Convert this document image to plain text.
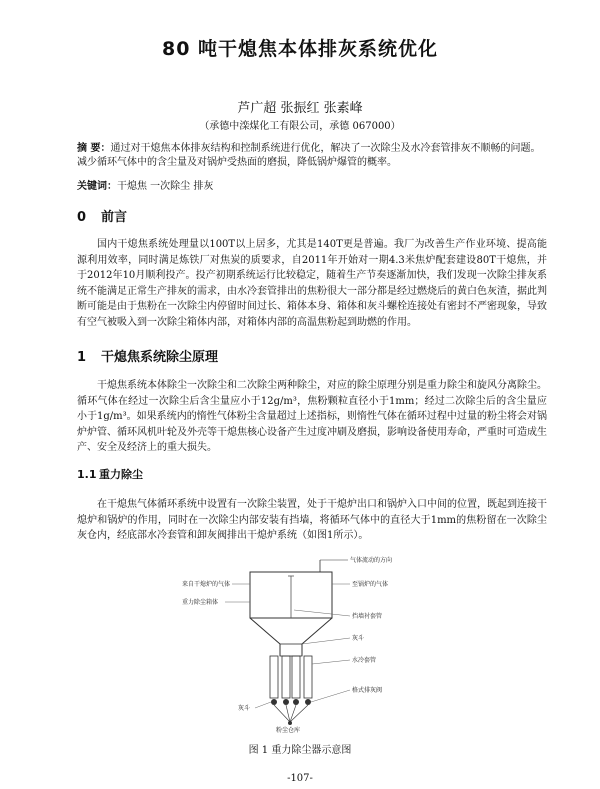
80 吨干熄焦本体排灰系统优化
芦广超 张振红 张素峰
（承德中滦煤化工有限公司，承德 067000）
摘 要：通过对干熄焦本体排灰结构和控制系统进行优化，解决了一次除尘及水冷套管排灰不顺畅的问题。减少循环气体中的含尘量及对锅炉受热面的磨损，降低锅炉爆管的概率。
关键词：干熄焦 一次除尘 排灰
0 前言
国内干熄焦系统处理量以100T以上居多，尤其是140T更是普遍。我厂为改善生产作业环境、提高能源利用效率，同时满足炼铁厂对焦炭的质要求，自2011年开始对一期4.3米焦炉配套建设80T干熄焦，并于2012年10月顺利投产。投产初期系统运行比较稳定，随着生产节奏逐渐加快，我们发现一次除尘排灰系统不能满足正常生产排灰的需求，由水冷套管排出的焦粉很大一部分都是经过燃烧后的黄白色灰渣，据此判断可能是由于焦粉在一次除尘内停留时间过长、箱体本身、箱体和灰斗螺栓连接处有密封不严密现象，导致有空气被吸入到一次除尘箱体内部，对箱体内部的高温焦粉起到助燃的作用。
1 干熄焦系统除尘原理
干熄焦系统本体除尘一次除尘和二次除尘两种除尘，对应的除尘原理分别是重力除尘和旋风分离除尘。循环气体在经过一次除尘后含尘量应小于12g/m³，焦粉颗粒直径小于1mm；经过二次除尘后的含尘量应小于1g/m³。如果系统内的惰性气体粉尘含量超过上述指标，则惰性气体在循环过程中过量的粉尘将会对锅炉炉管、循环风机叶轮及外壳等干熄焦核心设备产生过度冲刷及磨损，影响设备使用寿命，严重时可造成生产、安全及经济上的重大损失。
1.1 重力除尘
在干熄焦气体循环系统中设置有一次除尘装置，处于干熄炉出口和锅炉入口中间的位置，既起到连接干熄炉和锅炉的作用，同时在一次除尘内部安装有挡墙，将循环气体中的直径大于1mm的焦粉留在一次除尘灰仓内，经底部水冷套管和卸灰阀排出干熄炉系统（如图1所示）。
气体流动的方向
来自干熄炉的气体	至锅炉的气体
重力除尘箱体
挡墙衬套管
灰斗
水冷套管
格式排灰阀
灰斗
粉尘仓库
图 1 重力除尘器示意图
-107-
